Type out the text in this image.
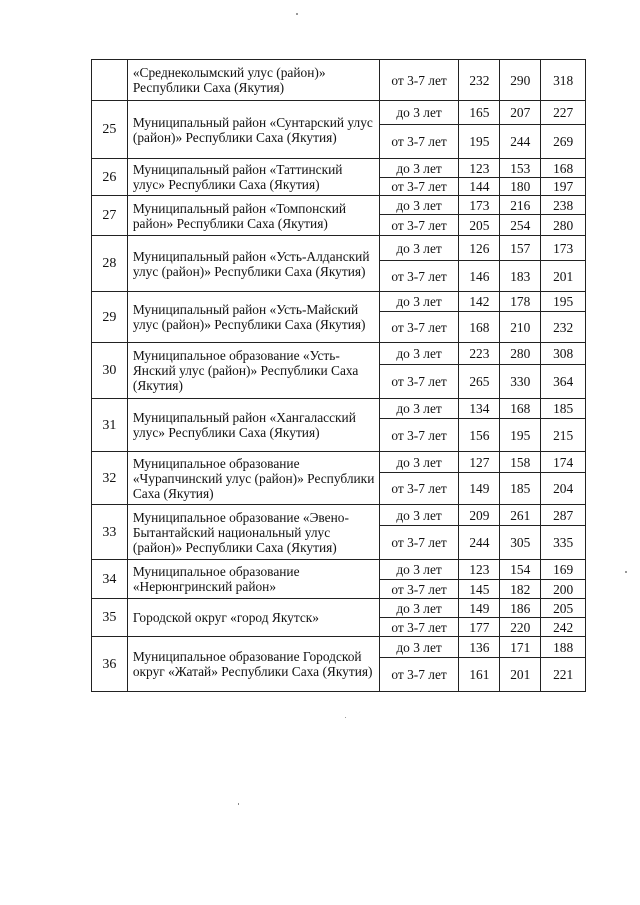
	«Среднеколымский улус (район)» Республики Саха (Якутия)	от 3-7 лет	232	290	318
25	Муниципальный район «Сунтарский улус (район)» Республики Саха (Якутия)	до 3 лет	165	207	227
		от 3-7 лет	195	244	269
26	Муниципальный район «Таттинский улус» Республики Саха (Якутия)	до 3 лет	123	153	168
		от 3-7 лет	144	180	197
27	Муниципальный район «Томпонский район» Республики Саха (Якутия)	до 3 лет	173	216	238
		от 3-7 лет	205	254	280
28	Муниципальный район «Усть-Алданский улус (район)» Республики Саха (Якутия)	до 3 лет	126	157	173
		от 3-7 лет	146	183	201
29	Муниципальный район «Усть-Майский улус (район)» Республики Саха (Якутия)	до 3 лет	142	178	195
		от 3-7 лет	168	210	232
30	Муниципальное образование «Усть-Янский улус (район)» Республики Саха (Якутия)	до 3 лет	223	280	308
		от 3-7 лет	265	330	364
31	Муниципальный район «Хангаласский улус» Республики Саха (Якутия)	до 3 лет	134	168	185
		от 3-7 лет	156	195	215
32	Муниципальное образование «Чурапчинский улус (район)» Республики Саха (Якутия)	до 3 лет	127	158	174
		от 3-7 лет	149	185	204
33	Муниципальное образование «Эвено-Бытантайский национальный улус (район)» Республики Саха (Якутия)	до 3 лет	209	261	287
		от 3-7 лет	244	305	335
34	Муниципальное образование «Нерюнгринский район»	до 3 лет	123	154	169
		от 3-7 лет	145	182	200
35	Городской округ «город Якутск»	до 3 лет	149	186	205
		от 3-7 лет	177	220	242
36	Муниципальное образование Городской округ «Жатай» Республики Саха (Якутия)	до 3 лет	136	171	188
		от 3-7 лет	161	201	221
